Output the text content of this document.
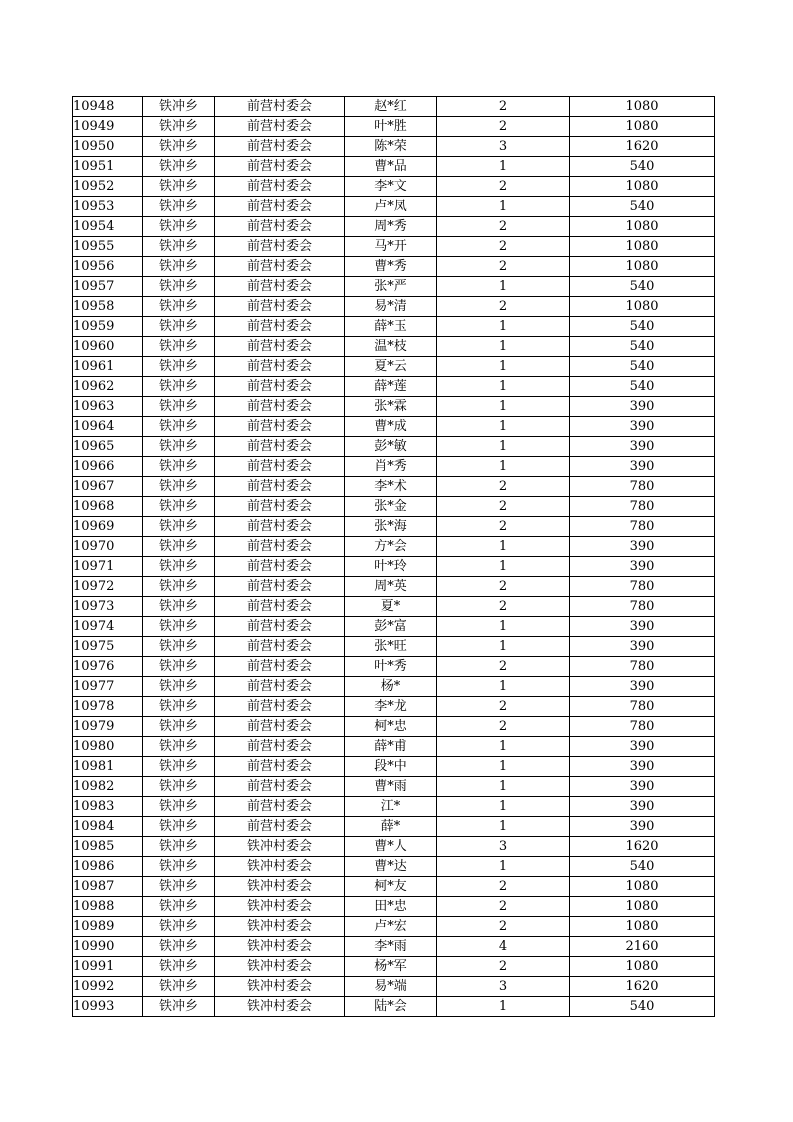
10948	铁冲乡	前营村委会	赵*红	2	1080
10949	铁冲乡	前营村委会	叶*胜	2	1080
10950	铁冲乡	前营村委会	陈*荣	3	1620
10951	铁冲乡	前营村委会	曹*品	1	540
10952	铁冲乡	前营村委会	李*文	2	1080
10953	铁冲乡	前营村委会	卢*凤	1	540
10954	铁冲乡	前营村委会	周*秀	2	1080
10955	铁冲乡	前营村委会	马*开	2	1080
10956	铁冲乡	前营村委会	曹*秀	2	1080
10957	铁冲乡	前营村委会	张*严	1	540
10958	铁冲乡	前营村委会	易*清	2	1080
10959	铁冲乡	前营村委会	薛*玉	1	540
10960	铁冲乡	前营村委会	温*枝	1	540
10961	铁冲乡	前营村委会	夏*云	1	540
10962	铁冲乡	前营村委会	薛*莲	1	540
10963	铁冲乡	前营村委会	张*霖	1	390
10964	铁冲乡	前营村委会	曹*成	1	390
10965	铁冲乡	前营村委会	彭*敏	1	390
10966	铁冲乡	前营村委会	肖*秀	1	390
10967	铁冲乡	前营村委会	李*术	2	780
10968	铁冲乡	前营村委会	张*金	2	780
10969	铁冲乡	前营村委会	张*海	2	780
10970	铁冲乡	前营村委会	方*会	1	390
10971	铁冲乡	前营村委会	叶*玲	1	390
10972	铁冲乡	前营村委会	周*英	2	780
10973	铁冲乡	前营村委会	夏*	2	780
10974	铁冲乡	前营村委会	彭*富	1	390
10975	铁冲乡	前营村委会	张*旺	1	390
10976	铁冲乡	前营村委会	叶*秀	2	780
10977	铁冲乡	前营村委会	杨*	1	390
10978	铁冲乡	前营村委会	李*龙	2	780
10979	铁冲乡	前营村委会	柯*忠	2	780
10980	铁冲乡	前营村委会	薛*甫	1	390
10981	铁冲乡	前营村委会	段*中	1	390
10982	铁冲乡	前营村委会	曹*雨	1	390
10983	铁冲乡	前营村委会	江*	1	390
10984	铁冲乡	前营村委会	薛*	1	390
10985	铁冲乡	铁冲村委会	曹*人	3	1620
10986	铁冲乡	铁冲村委会	曹*达	1	540
10987	铁冲乡	铁冲村委会	柯*友	2	1080
10988	铁冲乡	铁冲村委会	田*忠	2	1080
10989	铁冲乡	铁冲村委会	卢*宏	2	1080
10990	铁冲乡	铁冲村委会	李*雨	4	2160
10991	铁冲乡	铁冲村委会	杨*军	2	1080
10992	铁冲乡	铁冲村委会	易*端	3	1620
10993	铁冲乡	铁冲村委会	陆*会	1	540
